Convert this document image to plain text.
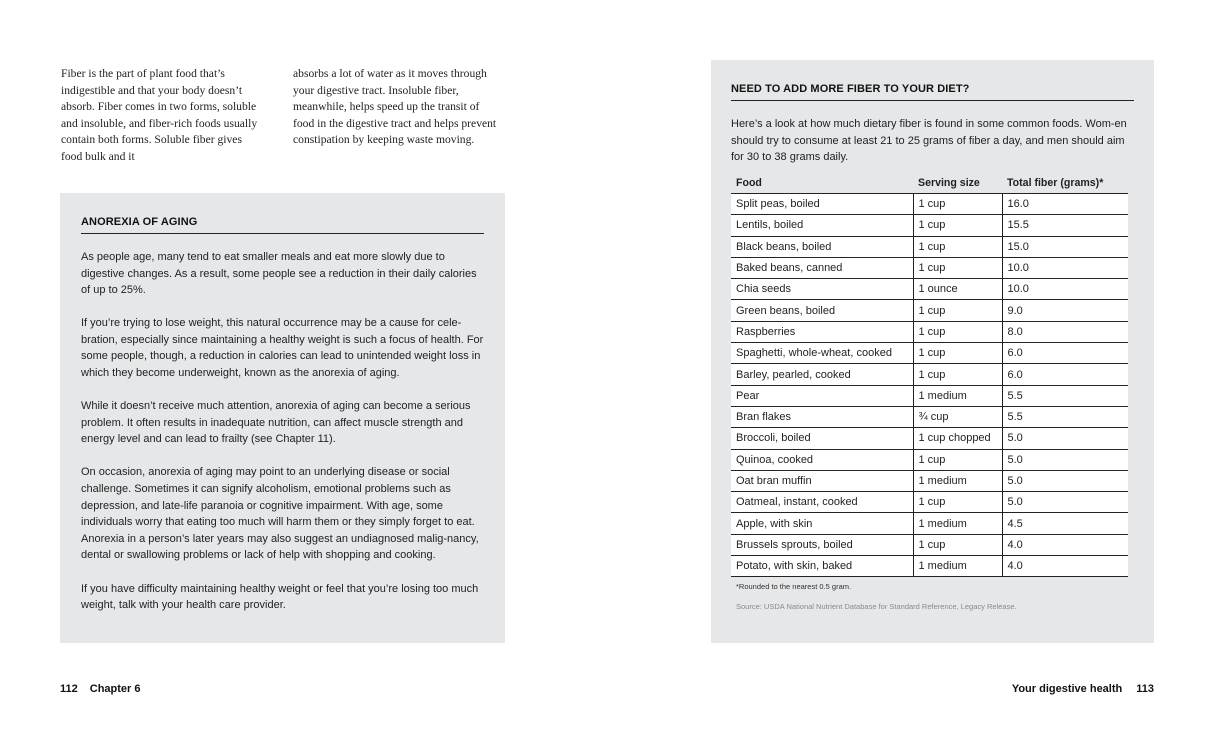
Fiber is the part of plant food that’s indigestible and that your body doesn’t absorb. Fiber comes in two forms, soluble and insoluble, and fiber-rich foods usually contain both forms. Soluble fiber gives food bulk and it

absorbs a lot of water as it moves through your digestive tract. Insoluble fiber, meanwhile, helps speed up the transit of food in the digestive tract and helps prevent constipation by keeping waste moving.

ANOREXIA OF AGING

As people age, many tend to eat smaller meals and eat more slowly due to digestive changes. As a result, some people see a reduction in their daily calories of up to 25%.

If you’re trying to lose weight, this natural occurrence may be a cause for cele-bration, especially since maintaining a healthy weight is such a focus of health. For some people, though, a reduction in calories can lead to unintended weight loss in which they become underweight, known as the anorexia of aging.

While it doesn’t receive much attention, anorexia of aging can become a serious problem. It often results in inadequate nutrition, can affect muscle strength and energy level and can lead to frailty (see Chapter 11).

On occasion, anorexia of aging may point to an underlying disease or social challenge. Sometimes it can signify alcoholism, emotional problems such as depression, and late-life paranoia or cognitive impairment. With age, some individuals worry that eating too much will harm them or they simply forget to eat. Anorexia in a person’s later years may also suggest an undiagnosed malig-nancy, dental or swallowing problems or lack of help with shopping and cooking.

If you have difficulty maintaining healthy weight or feel that you’re losing too much weight, talk with your health care provider.

NEED TO ADD MORE FIBER TO YOUR DIET?

Here’s a look at how much dietary fiber is found in some common foods. Wom-en should try to consume at least 21 to 25 grams of fiber a day, and men should aim for 30 to 38 grams daily.

Food	Serving size	Total fiber (grams)*
Split peas, boiled	1 cup	16.0
Lentils, boiled	1 cup	15.5
Black beans, boiled	1 cup	15.0
Baked beans, canned	1 cup	10.0
Chia seeds	1 ounce	10.0
Green beans, boiled	1 cup	9.0
Raspberries	1 cup	8.0
Spaghetti, whole-wheat, cooked	1 cup	6.0
Barley, pearled, cooked	1 cup	6.0
Pear	1 medium	5.5
Bran flakes	¾ cup	5.5
Broccoli, boiled	1 cup chopped	5.0
Quinoa, cooked	1 cup	5.0
Oat bran muffin	1 medium	5.0
Oatmeal, instant, cooked	1 cup	5.0
Apple, with skin	1 medium	4.5
Brussels sprouts, boiled	1 cup	4.0
Potato, with skin, baked	1 medium	4.0
*Rounded to the nearest 0.5 gram.
Source: USDA National Nutrient Database for Standard Reference, Legacy Release.
112 Chapter 6	Your digestive health 113
